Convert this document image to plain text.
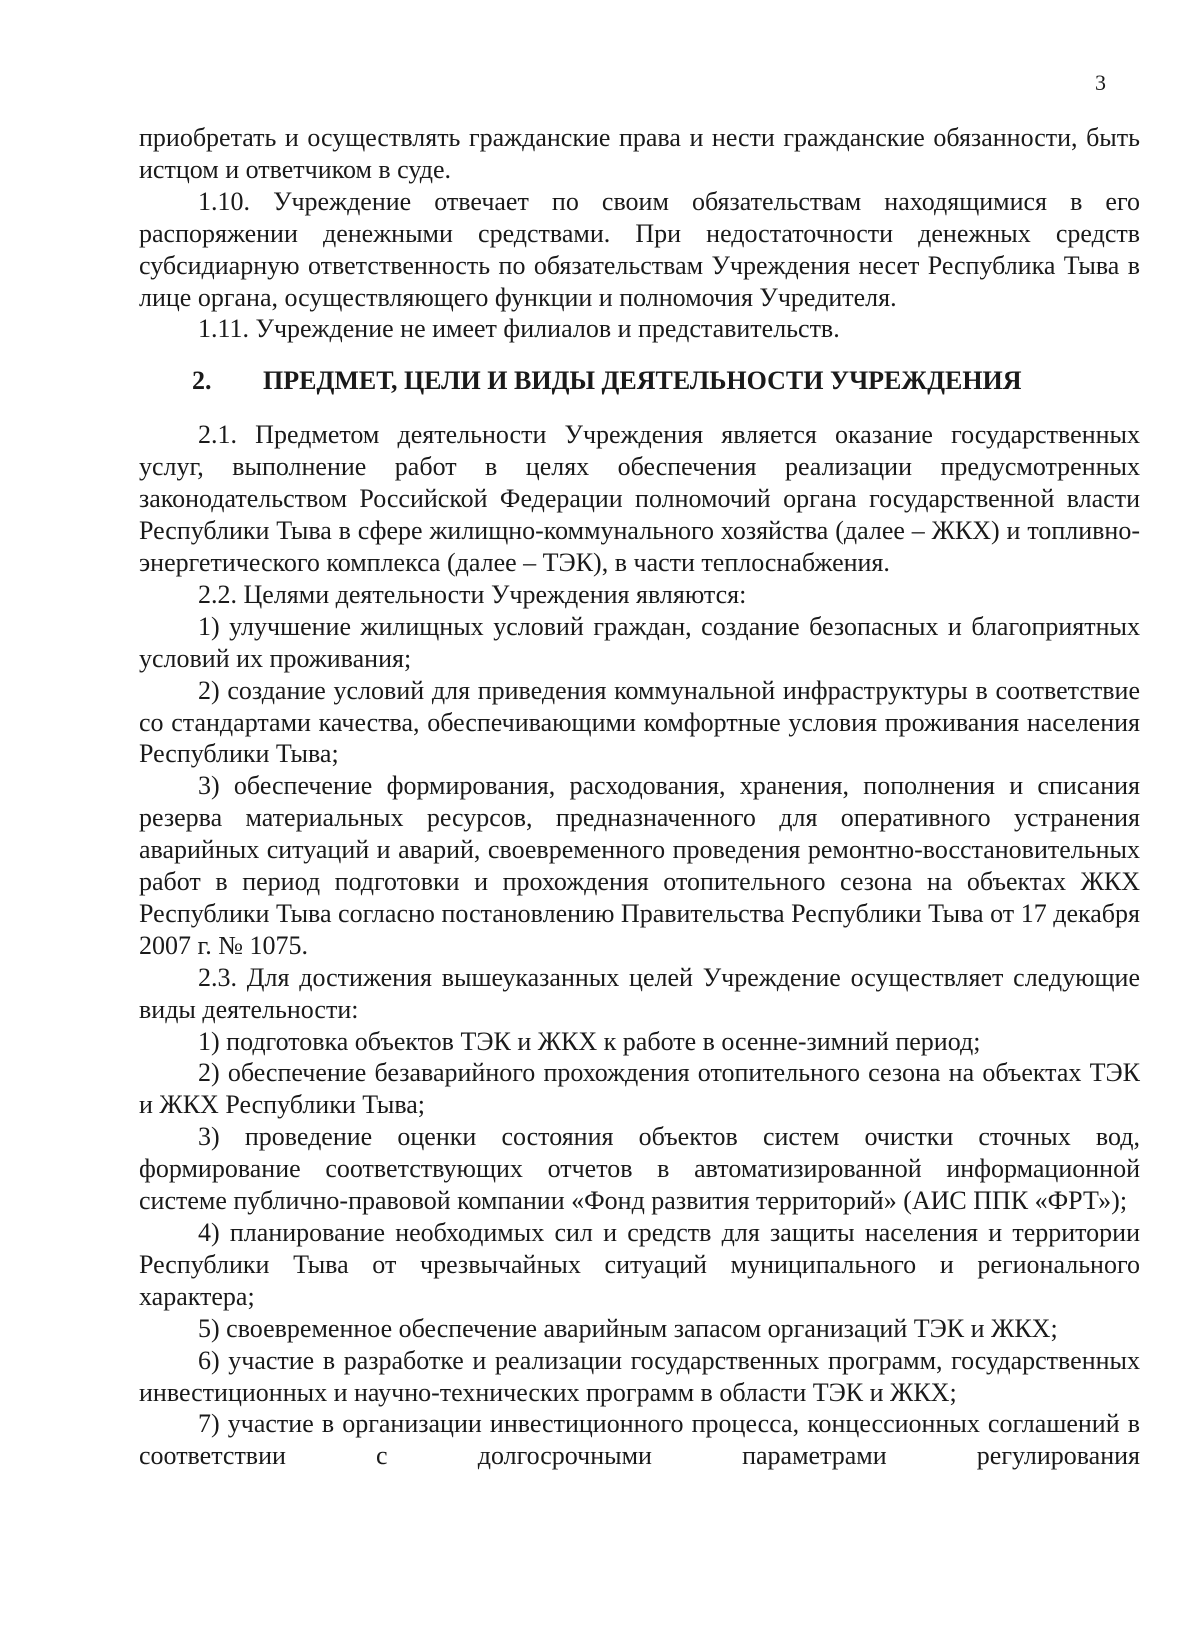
3

приобретать и осуществлять гражданские права и нести гражданские обязанности, быть истцом и ответчиком в суде.

1.10. Учреждение отвечает по своим обязательствам находящимися в его распоряжении денежными средствами. При недостаточности денежных средств субсидиарную ответственность по обязательствам Учреждения несет Республика Тыва в лице органа, осуществляющего функции и полномочия Учредителя.

1.11. Учреждение не имеет филиалов и представительств.

2.	ПРЕДМЕТ, ЦЕЛИ И ВИДЫ ДЕЯТЕЛЬНОСТИ УЧРЕЖДЕНИЯ

2.1. Предметом деятельности Учреждения является оказание государственных услуг, выполнение работ в целях обеспечения реализации предусмотренных законодательством Российской Федерации полномочий органа государственной власти Республики Тыва в сфере жилищно-коммунального хозяйства (далее – ЖКХ) и топливно-энергетического комплекса (далее – ТЭК), в части теплоснабжения.

2.2. Целями деятельности Учреждения являются:

1) улучшение жилищных условий граждан, создание безопасных и благоприятных условий их проживания;

2) создание условий для приведения коммунальной инфраструктуры в соответствие со стандартами качества, обеспечивающими комфортные условия проживания населения Республики Тыва;

3) обеспечение формирования, расходования, хранения, пополнения и списания резерва материальных ресурсов, предназначенного для оперативного устранения аварийных ситуаций и аварий, своевременного проведения ремонтно-восстановительных работ в период подготовки и прохождения отопительного сезона на объектах ЖКХ Республики Тыва согласно постановлению Правительства Республики Тыва от 17 декабря 2007 г. № 1075.

2.3. Для достижения вышеуказанных целей Учреждение осуществляет следующие виды деятельности:

1) подготовка объектов ТЭК и ЖКХ к работе в осенне-зимний период;

2) обеспечение безаварийного прохождения отопительного сезона на объектах ТЭК и ЖКХ Республики Тыва;

3) проведение оценки состояния объектов систем очистки сточных вод, формирование соответствующих отчетов в автоматизированной информационной системе публично-правовой компании «Фонд развития территорий» (АИС ППК «ФРТ»);

4) планирование необходимых сил и средств для защиты населения и территории Республики Тыва от чрезвычайных ситуаций муниципального и регионального характера;

5) своевременное обеспечение аварийным запасом организаций ТЭК и ЖКХ;

6) участие в разработке и реализации государственных программ, государственных инвестиционных и научно-технических программ в области ТЭК и ЖКХ;

7) участие в организации инвестиционного процесса, концессионных соглашений в соответствии с долгосрочными параметрами регулирования
